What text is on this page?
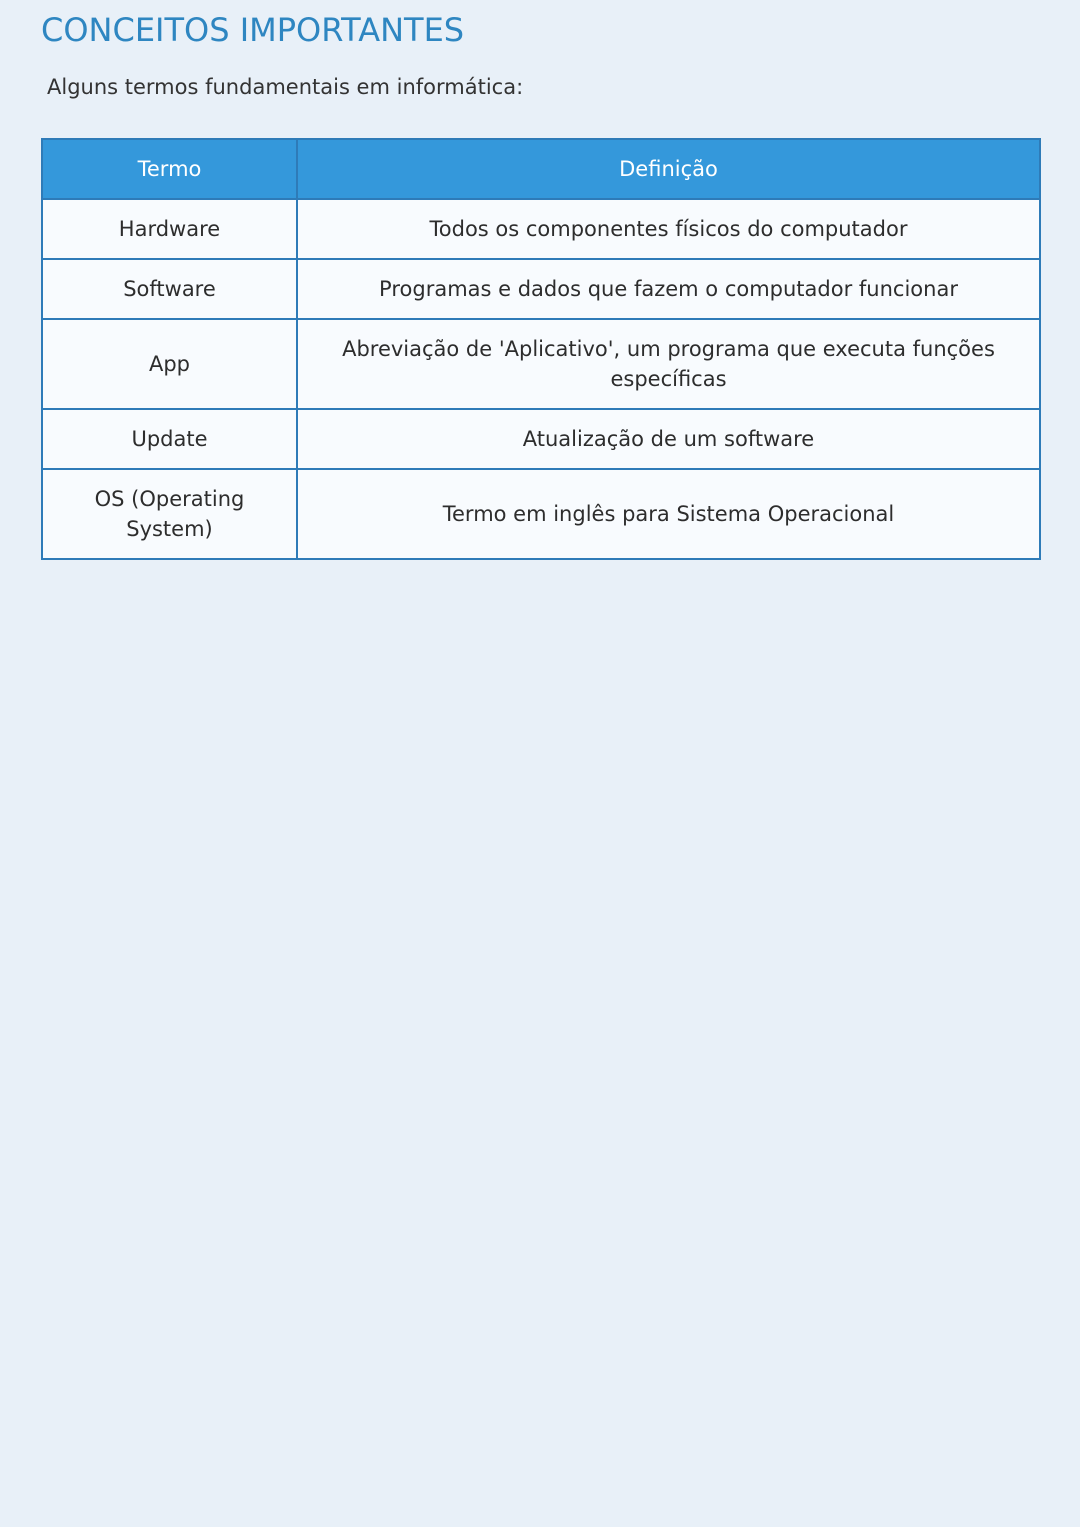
CONCEITOS IMPORTANTES

Alguns termos fundamentais em informática:

Termo	Definição
Hardware	Todos os componentes físicos do computador
Software	Programas e dados que fazem o computador funcionar
App	Abreviação de 'Aplicativo', um programa que executa funções específicas
Update	Atualização de um software
OS (Operating System)	Termo em inglês para Sistema Operacional
